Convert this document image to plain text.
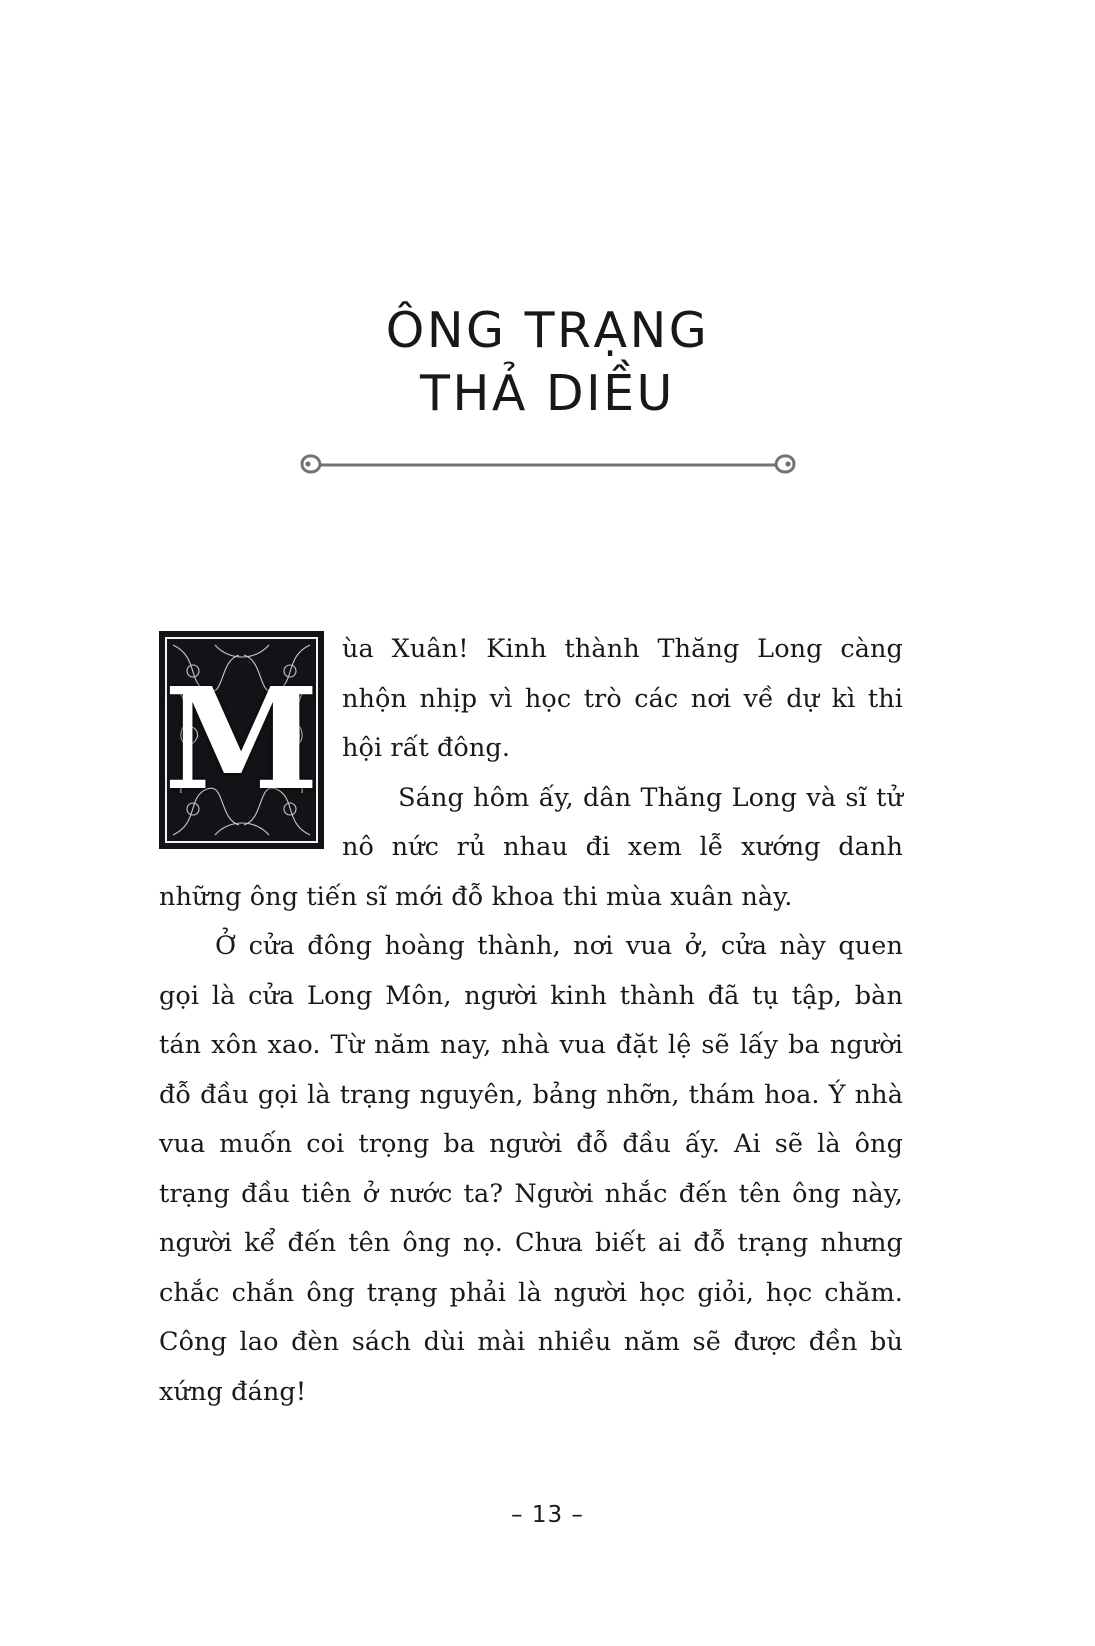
ÔNG TRẠNG
THẢ DIỀU
M

ùa Xuân! Kinh thành Thăng Long càng nhộn nhịp vì học trò các nơi về dự kì thi hội rất đông.

Sáng hôm ấy, dân Thăng Long và sĩ tử nô nức rủ nhau đi xem lễ xướng danh những ông tiến sĩ mới đỗ khoa thi mùa xuân này.

Ở cửa đông hoàng thành, nơi vua ở, cửa này quen gọi là cửa Long Môn, người kinh thành đã tụ tập, bàn tán xôn xao. Từ năm nay, nhà vua đặt lệ sẽ lấy ba người đỗ đầu gọi là trạng nguyên, bảng nhỡn, thám hoa. Ý nhà vua muốn coi trọng ba người đỗ đầu ấy. Ai sẽ là ông trạng đầu tiên ở nước ta? Người nhắc đến tên ông này, người kể đến tên ông nọ. Chưa biết ai đỗ trạng nhưng chắc chắn ông trạng phải là người học giỏi, học chăm. Công lao đèn sách dùi mài nhiều năm sẽ được đền bù xứng đáng!

– 13 –
